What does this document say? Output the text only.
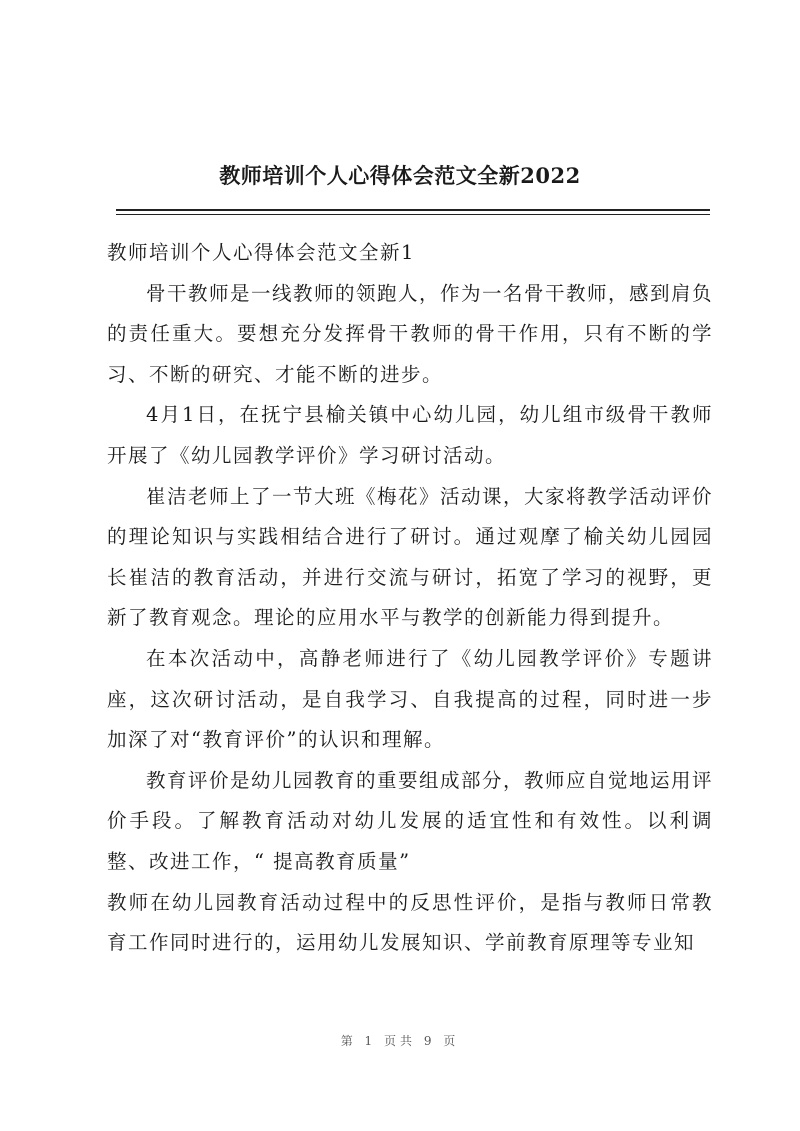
教师培训个人心得体会范文全新2022

教师培训个人心得体会范文全新1

骨干教师是一线教师的领跑人，作为一名骨干教师，感到肩负的责任重大。要想充分发挥骨干教师的骨干作用，只有不断的学习、不断的研究、才能不断的进步。

4月1日，在抚宁县榆关镇中心幼儿园，幼儿组市级骨干教师开展了《幼儿园教学评价》学习研讨活动。

崔洁老师上了一节大班《梅花》活动课，大家将教学活动评价的理论知识与实践相结合进行了研讨。通过观摩了榆关幼儿园园长崔洁的教育活动，并进行交流与研讨，拓宽了学习的视野，更新了教育观念。理论的应用水平与教学的创新能力得到提升。

在本次活动中，高静老师进行了《幼儿园教学评价》专题讲座，这次研讨活动，是自我学习、自我提高的过程，同时进一步加深了对“教育评价”的认识和理解。

教育评价是幼儿园教育的重要组成部分，教师应自觉地运用评价手段。了解教育活动对幼儿发展的适宜性和有效性。以利调整、改进工作，“ 提高教育质量”

教师在幼儿园教育活动过程中的反思性评价，是指与教师日常教育工作同时进行的，运用幼儿发展知识、学前教育原理等专业知

第 1 页共 9 页
